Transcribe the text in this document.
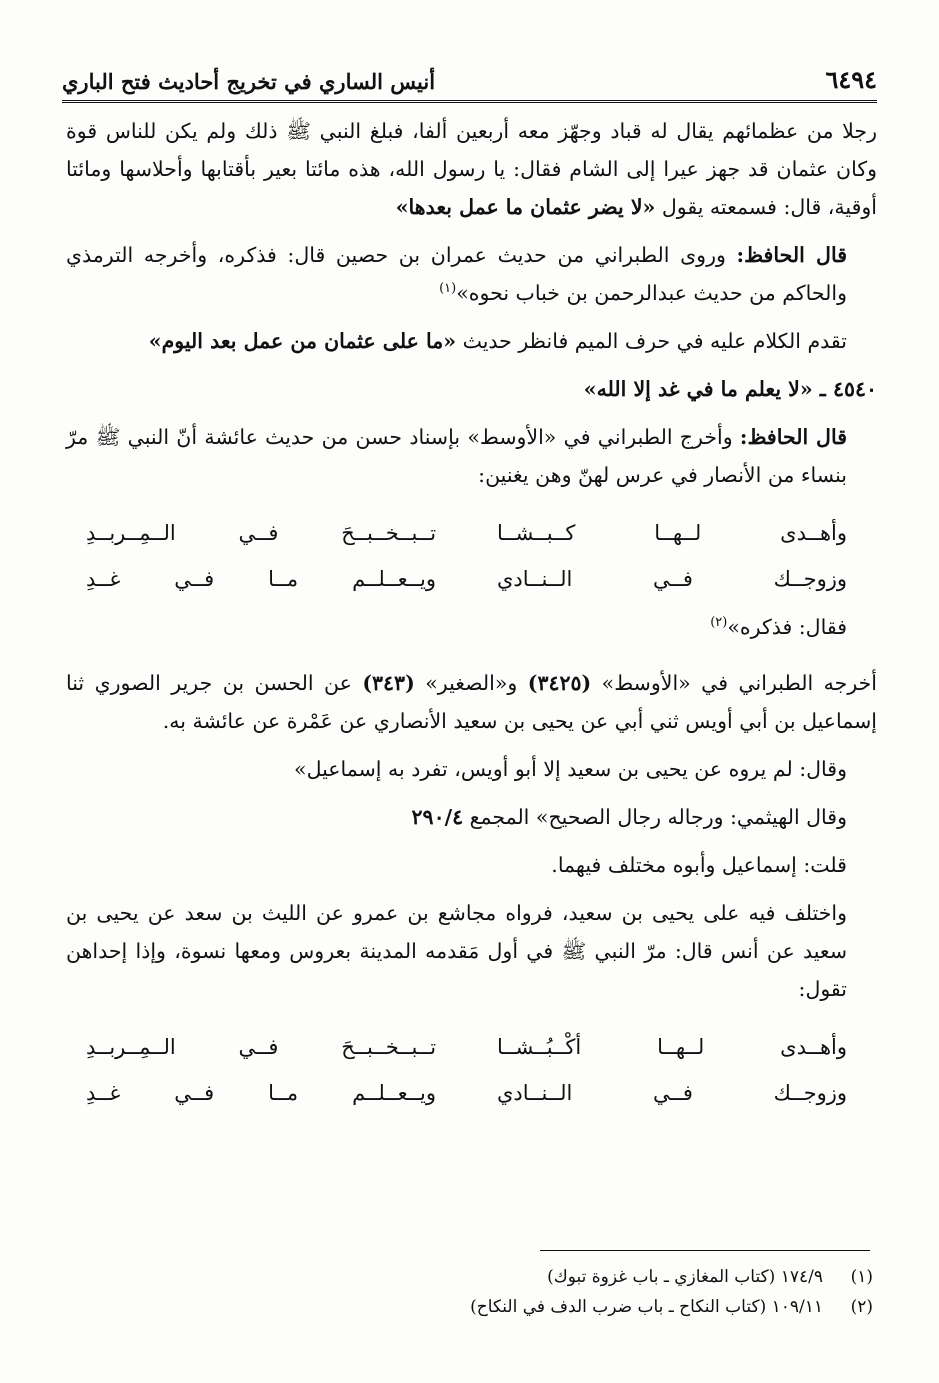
٦٤٩٤
أنيس الساري في تخريج أحاديث فتح الباري

رجلا من عظمائهم يقال له قباد وجهّز معه أربعين ألفا، فبلغ النبي ﷺ ذلك ولم يكن للناس قوة وكان عثمان قد جهز عيرا إلى الشام فقال: يا رسول الله، هذه مائتا بعير بأقتابها وأحلاسها ومائتا أوقية، قال: فسمعته يقول «لا يضر عثمان ما عمل بعدها»

قال الحافظ: وروى الطبراني من حديث عمران بن حصين قال: فذكره، وأخرجه الترمذي والحاكم من حديث عبدالرحمن بن خباب نحوه»$^{(١)}$

تقدم الكلام عليه في حرف الميم فانظر حديث «ما على عثمان من عمل بعد اليوم»

٤٥٤٠ ـ «لا يعلم ما في غد إلا الله»

قال الحافظ: وأخرج الطبراني في «الأوسط» بإسناد حسن من حديث عائشة أنّ النبي ﷺ مرّ بنساء من الأنصار في عرس لهنّ وهن يغنين:

وأهــدى لــهــا كــبــشــا
تــبــخــبــحَ فــي الــمِــربــدِ
وزوجــك فــي الــنــادي
ويــعــلــم مــا فــي غــدِ

فقال: فذكره»$^{(٢)}$

أخرجه الطبراني في «الأوسط» (٣٤٢٥) و«الصغير» (٣٤٣) عن الحسن بن جرير الصوري ثنا إسماعيل بن أبي أويس ثني أبي عن يحيى بن سعيد الأنصاري عن عَمْرة عن عائشة به.

وقال: لم يروه عن يحيى بن سعيد إلا أبو أويس، تفرد به إسماعيل»

وقال الهيثمي: ورجاله رجال الصحيح» المجمع ٢٩٠/٤

قلت: إسماعيل وأبوه مختلف فيهما.

واختلف فيه على يحيى بن سعيد، فرواه مجاشع بن عمرو عن الليث بن سعد عن يحيى بن سعيد عن أنس قال: مرّ النبي ﷺ في أول مَقدمه المدينة بعروس ومعها نسوة، وإذا إحداهن تقول:

وأهــدى لــهــا أكْــبُــشــا
تــبــخــبــحَ فــي الــمِــربــدِ
وزوجــك فــي الــنــادي
ويــعــلــم مــا فــي غــدِ
(١)
١٧٤/٩ (كتاب المغازي ـ باب غزوة تبوك)
(٢)
١٠٩/١١ (كتاب النكاح ـ باب ضرب الدف في النكاح)
